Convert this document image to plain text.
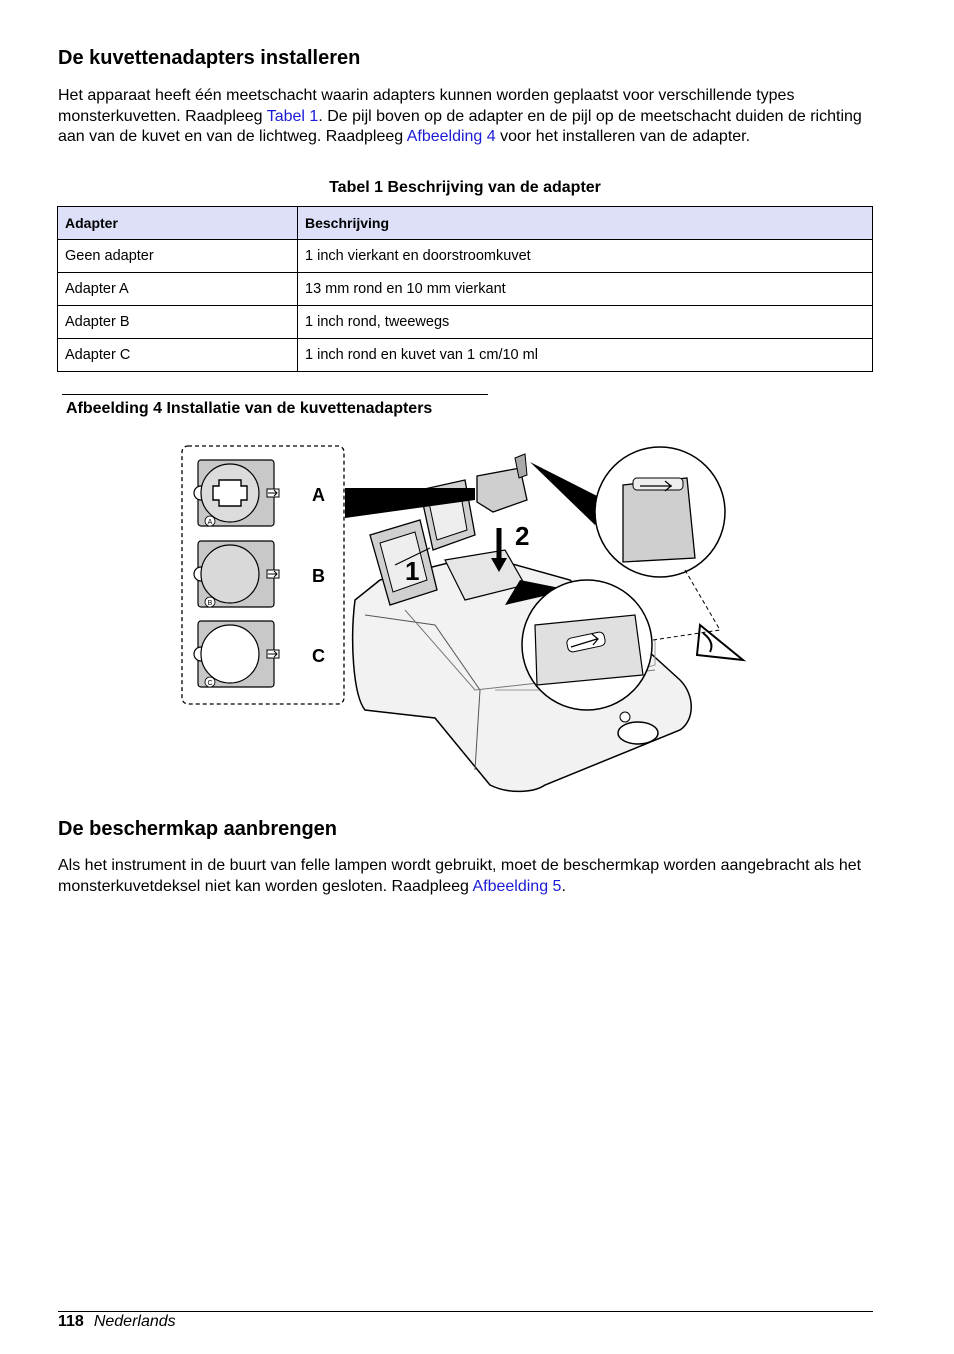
De kuvettenadapters installeren

Het apparaat heeft één meetschacht waarin adapters kunnen worden geplaatst voor verschillende types monsterkuvetten. Raadpleeg Tabel 1. De pijl boven op de adapter en de pijl op de meetschacht duiden de richting aan van de kuvet en van de lichtweg. Raadpleeg Afbeelding 4 voor het installeren van de adapter.

Tabel 1 Beschrijving van de adapter
Adapter	Beschrijving
Geen adapter	1 inch vierkant en doorstroomkuvet
Adapter A	13 mm rond en 10 mm vierkant
Adapter B	1 inch rond, tweewegs
Adapter C	1 inch rond en kuvet van 1 cm/10 ml
Afbeelding 4 Installatie van de kuvettenadapters
A
A
B
B
C
C
2
1
De beschermkap aanbrengen

Als het instrument in de buurt van felle lampen wordt gebruikt, moet de beschermkap worden aangebracht als het monsterkuvetdeksel niet kan worden gesloten. Raadpleeg Afbeelding 5.

118 Nederlands
